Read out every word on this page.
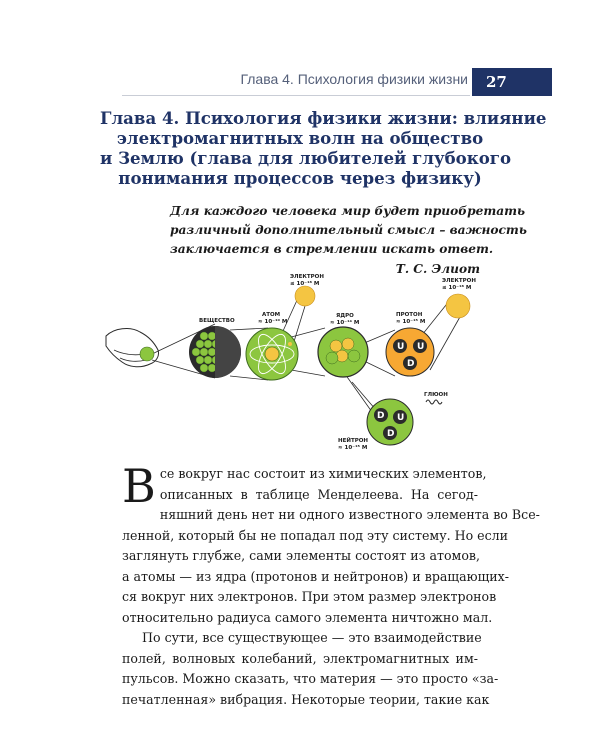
Глава 4. Психология физики жизни	27
Глава 4. Психология физики жизни: влияние
электромагнитных волн на общество
и Землю (глава для любителей глубокого
понимания процессов через физику)
Для каждого человека мир будет приобретать
различный дополнительный смысл – важность
заключается в стремлении искать ответ.
Т. С. Элиот
ВЕЩЕСТВО
АТОМ
≈ 10⁻¹⁰ М
ЭЛЕКТРОН
≤ 10⁻¹⁸ М
ЯДРО
≈ 10⁻¹⁴ М
U U
D
ПРОТОН
≈ 10⁻¹⁵ М
ЭЛЕКТРОН
≤ 10⁻¹⁸ М
ГЛЮОН
D U
D
НЕЙТРОН
≈ 10⁻¹⁵ М
В се вокруг нас состоит из химических элементов,
описанных в таблице Менделеева. На сегод-
няшний день нет ни одного известного элемента во Все-
ленной, который бы не попадал под эту систему. Но если
заглянуть глубже, сами элементы состоят из атомов,
а атомы — из ядра (протонов и нейтронов) и вращающих-
ся вокруг них электронов. При этом размер электронов
относительно радиуса самого элемента ничтожно мал.
По сути, все существующее — это взаимодействие
полей, волновых колебаний, электромагнитных им-
пульсов. Можно сказать, что материя — это просто «за-
печатленная» вибрация. Некоторые теории, такие как
